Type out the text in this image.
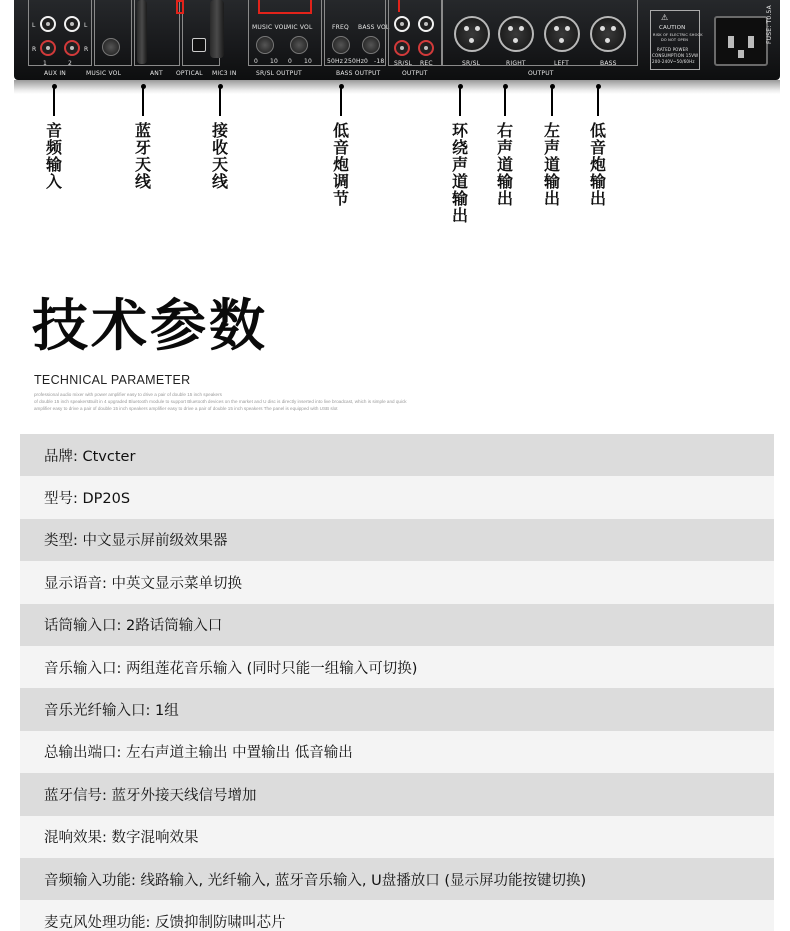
L	L
R	R
1	2
AUX IN	MUSIC VOL	ANT OPTICAL MIC3 IN
MUSIC VOL
MIC VOL
0 10 0 10
SR/SL OUTPUT
FREQ BASS VOL
50Hz 250Hz 0 -18
BASS OUTPUT
SR/SL REC
OUTPUT
SR/SL	RIGHT	LEFT	BASS
OUTPUT
⚠
CAUTION
RISK OF ELECTRIC SHOCK
DO NOT OPEN
RATED POWER
CONSUMPTION 15VW
200-240V~50/60Hz
FUSE: T0.5A
音频输入
蓝牙天线
接收天线
低音炮调节
环绕声道输出
右声道输出
左声道输出
低音炮输出
技术参数
TECHNICAL PARAMETER
professional audio mixer with power amplifier easy to drive a pair of double 15 inch speakers
of double 15 inch speakersBuilt in 4 upgraded Bluetooth module to support Bluetooth devices on the market and U disc is directly inserted into live broadcast, which is simple and quick
amplifier easy to drive a pair of double 15 inch speakers amplifier easy to drive a pair of double 15 inch speakers The panel is equipped with USB slot
品牌: Ctvcter
型号: DP20S
类型: 中文显示屏前级效果器
显示语音: 中英文显示菜单切换
话筒输入口: 2路话筒输入口
音乐输入口: 两组莲花音乐输入 (同时只能一组输入可切换)
音乐光纤输入口: 1组
总输出端口: 左右声道主输出 中置输出 低音输出
蓝牙信号: 蓝牙外接天线信号增加
混响效果: 数字混响效果
音频输入功能: 线路输入, 光纤输入, 蓝牙音乐输入, U盘播放口 (显示屏功能按键切换)
麦克风处理功能: 反馈抑制防啸叫芯片
